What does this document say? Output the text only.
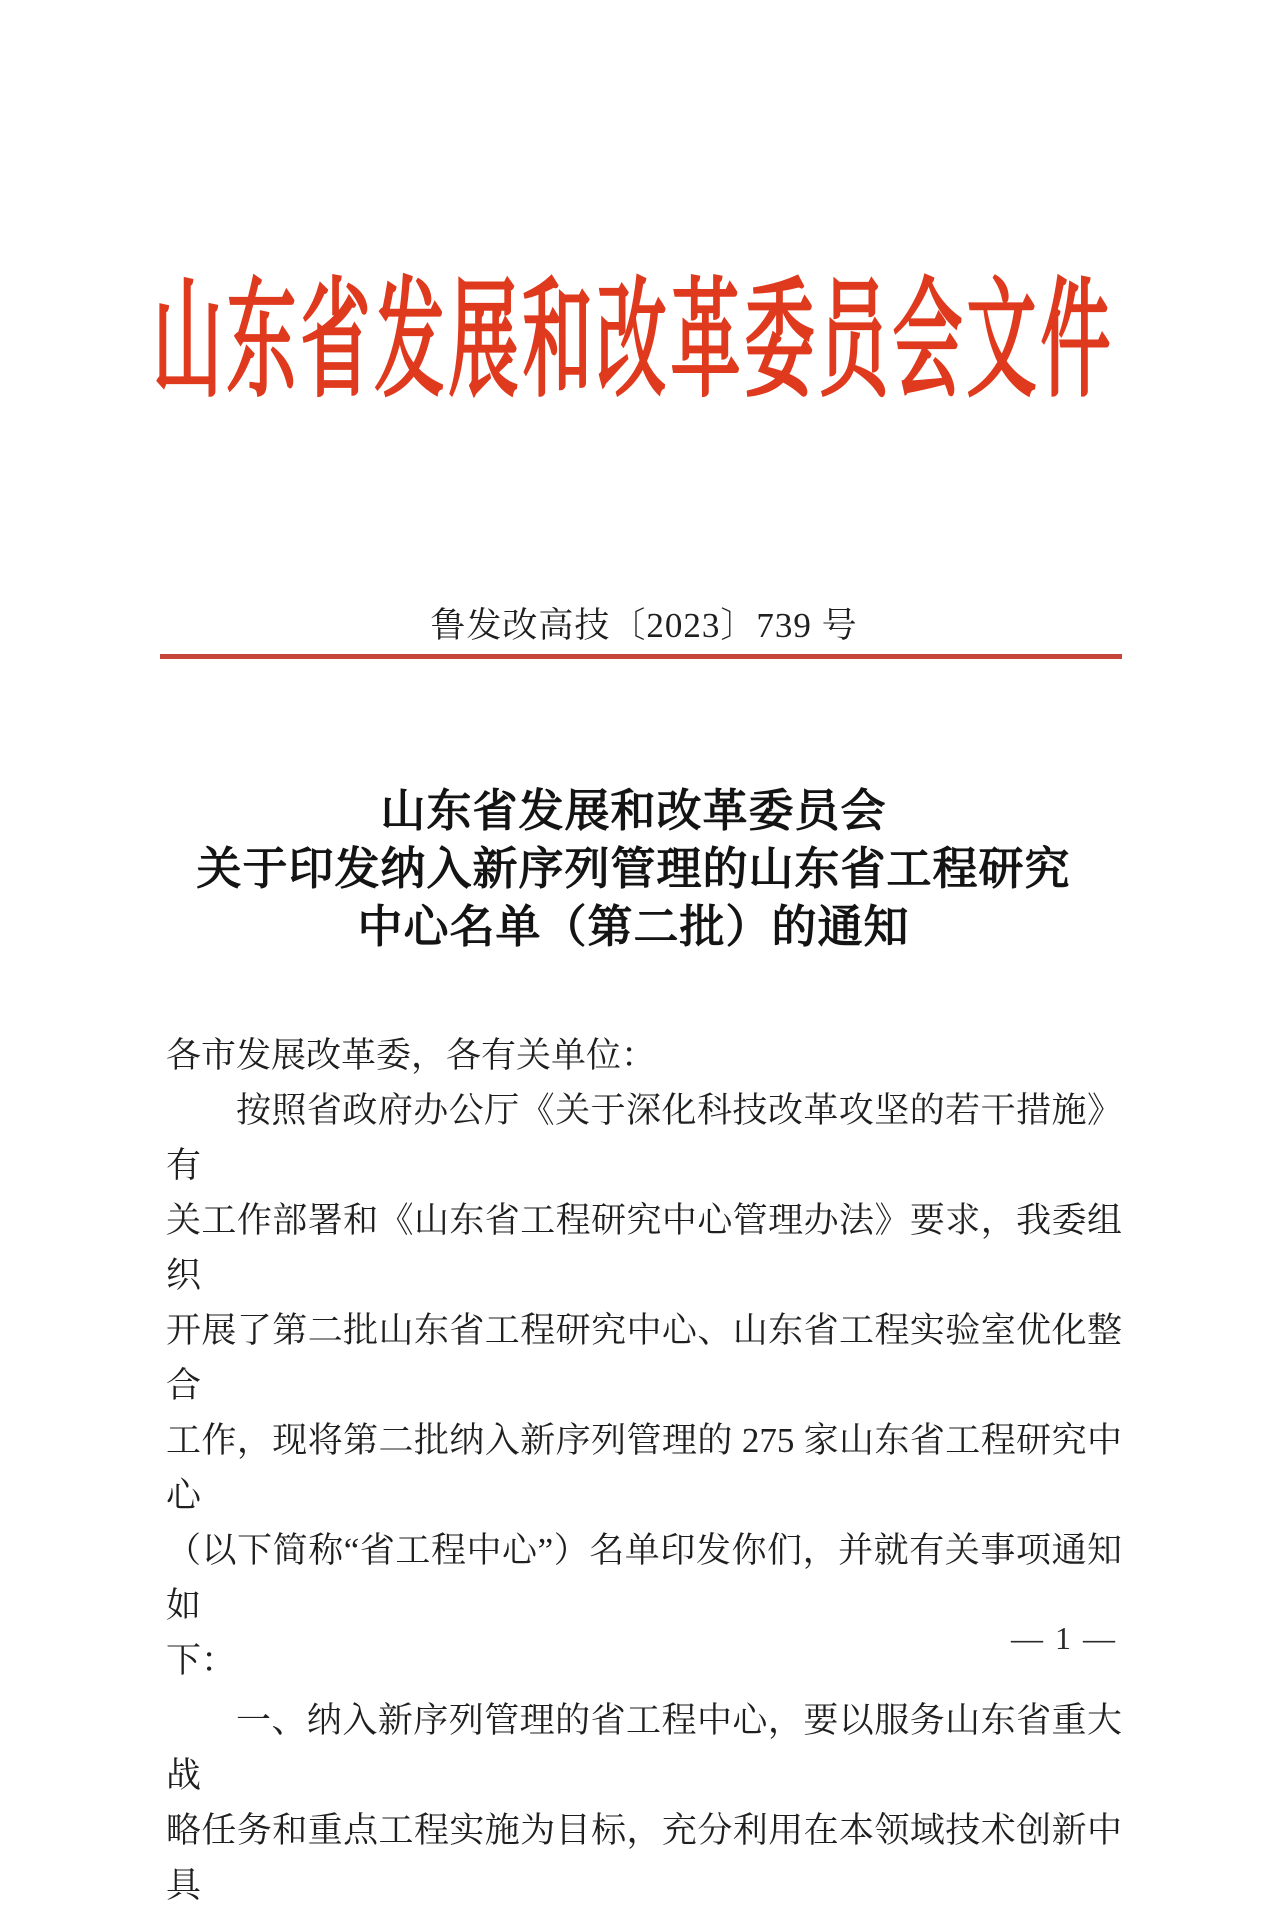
山东省发展和改革委员会文件
鲁发改高技〔2023〕739 号
山东省发展和改革委员会
关于印发纳入新序列管理的山东省工程研究
中心名单（第二批）的通知
各市发展改革委，各有关单位：
按照省政府办公厅《关于深化科技改革攻坚的若干措施》有
关工作部署和《山东省工程研究中心管理办法》要求，我委组织
开展了第二批山东省工程研究中心、山东省工程实验室优化整合
工作，现将第二批纳入新序列管理的 275 家山东省工程研究中心
（以下简称“省工程中心”）名单印发你们，并就有关事项通知如
下：
一、纳入新序列管理的省工程中心，要以服务山东省重大战
略任务和重点工程实施为目标，充分利用在本领域技术创新中具
— 1 —
